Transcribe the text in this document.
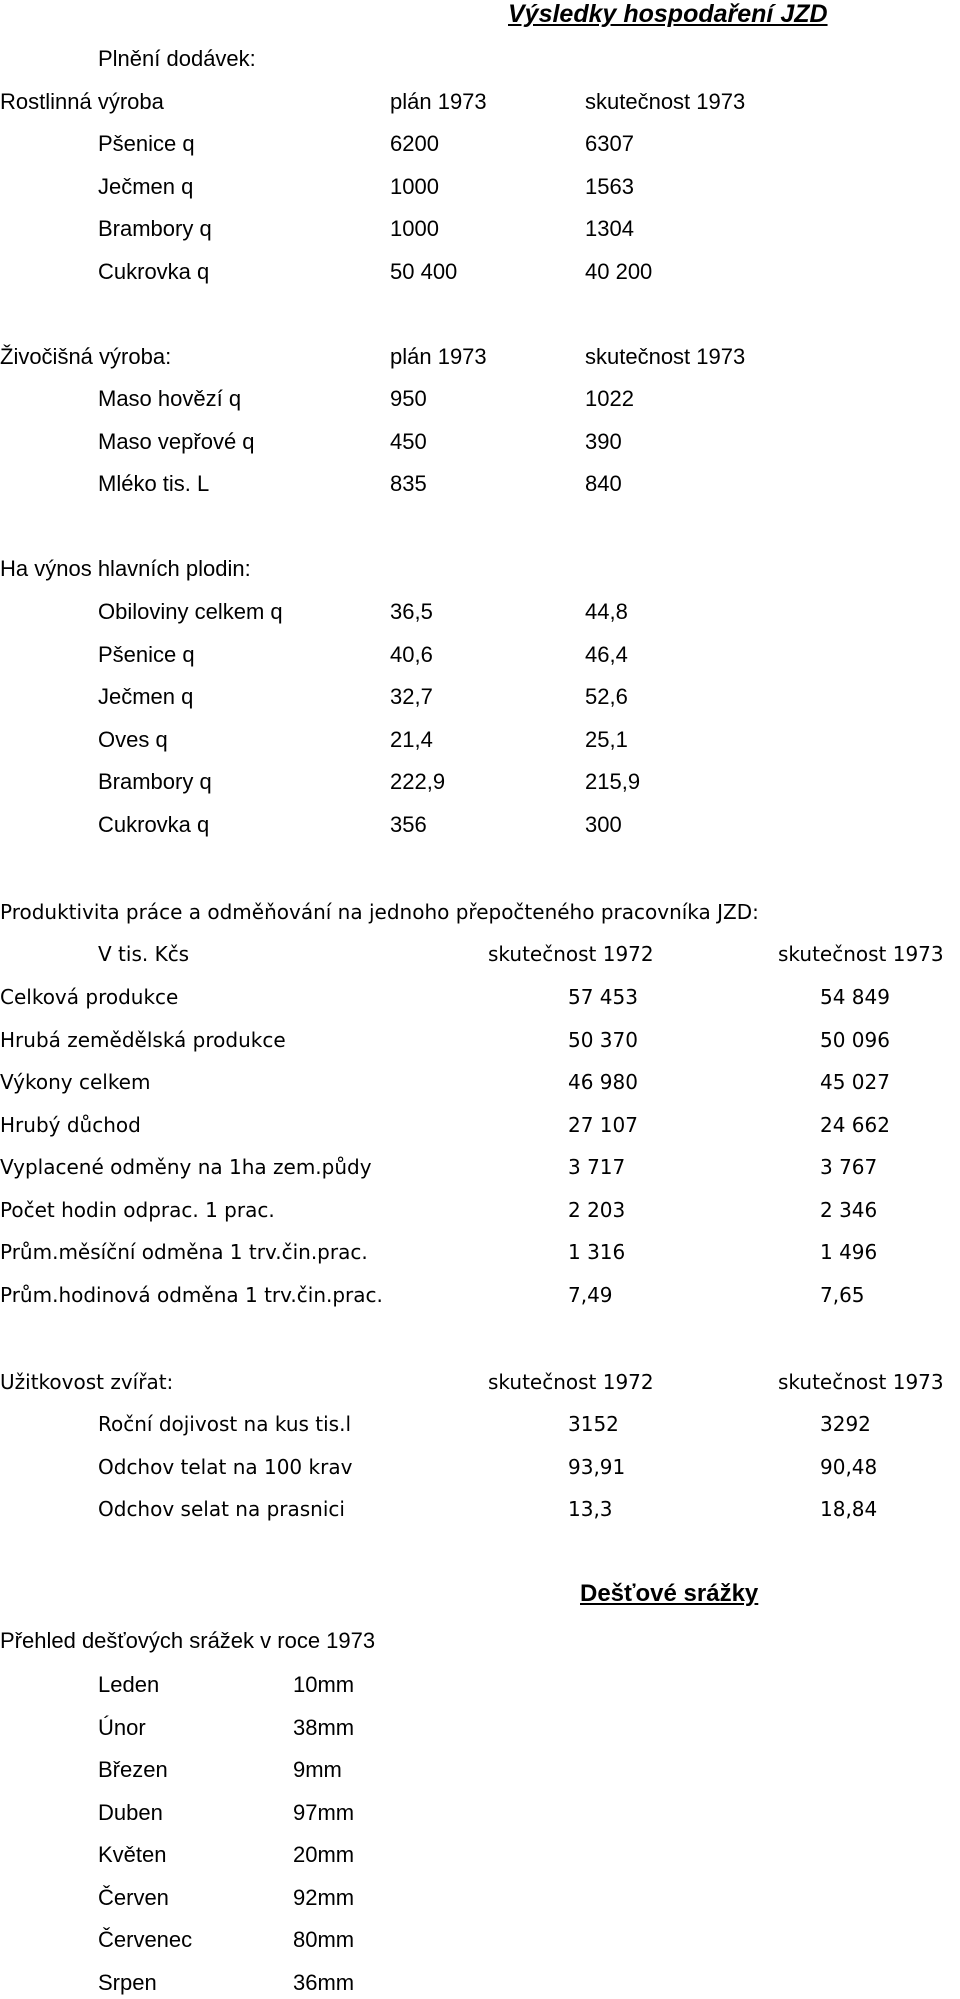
Výsledky hospodaření JZD
Plnění dodávek:
Rostlinná výroba	plán 1973	skutečnost 1973
Pšenice q	6200	6307
Ječmen q	1000	1563
Brambory q	1000	1304
Cukrovka q	50 400	40 200
Živočišná výroba:	plán 1973	skutečnost 1973
Maso hovězí q	950	1022
Maso vepřové q	450	390
Mléko tis. L	835	840
Ha výnos hlavních plodin:
Obiloviny celkem q	36,5	44,8
Pšenice q	40,6	46,4
Ječmen q	32,7	52,6
Oves q	21,4	25,1
Brambory q	222,9	215,9
Cukrovka q	356	300
Produktivita práce a odměňování na jednoho přepočteného pracovníka JZD:
V tis. Kčs	skutečnost 1972	skutečnost 1973
Celková produkce	57 453	54 849
Hrubá zemědělská produkce	50 370	50 096
Výkony celkem	46 980	45 027
Hrubý důchod	27 107	24 662
Vyplacené odměny na 1ha zem.půdy	3 717	3 767
Počet hodin odprac. 1 prac.	2 203	2 346
Prům.měsíční odměna 1 trv.čin.prac.	1 316	1 496
Prům.hodinová odměna 1 trv.čin.prac.	7,49	7,65
Užitkovost zvířat:	skutečnost 1972	skutečnost 1973
Roční dojivost na kus tis.l	3152	3292
Odchov telat na 100 krav	93,91	90,48
Odchov selat na prasnici	13,3	18,84
Dešťové srážky
Přehled dešťových srážek v roce 1973
Leden	10mm
Únor	38mm
Březen	9mm
Duben	97mm
Květen	20mm
Červen	92mm
Červenec	80mm
Srpen	36mm
